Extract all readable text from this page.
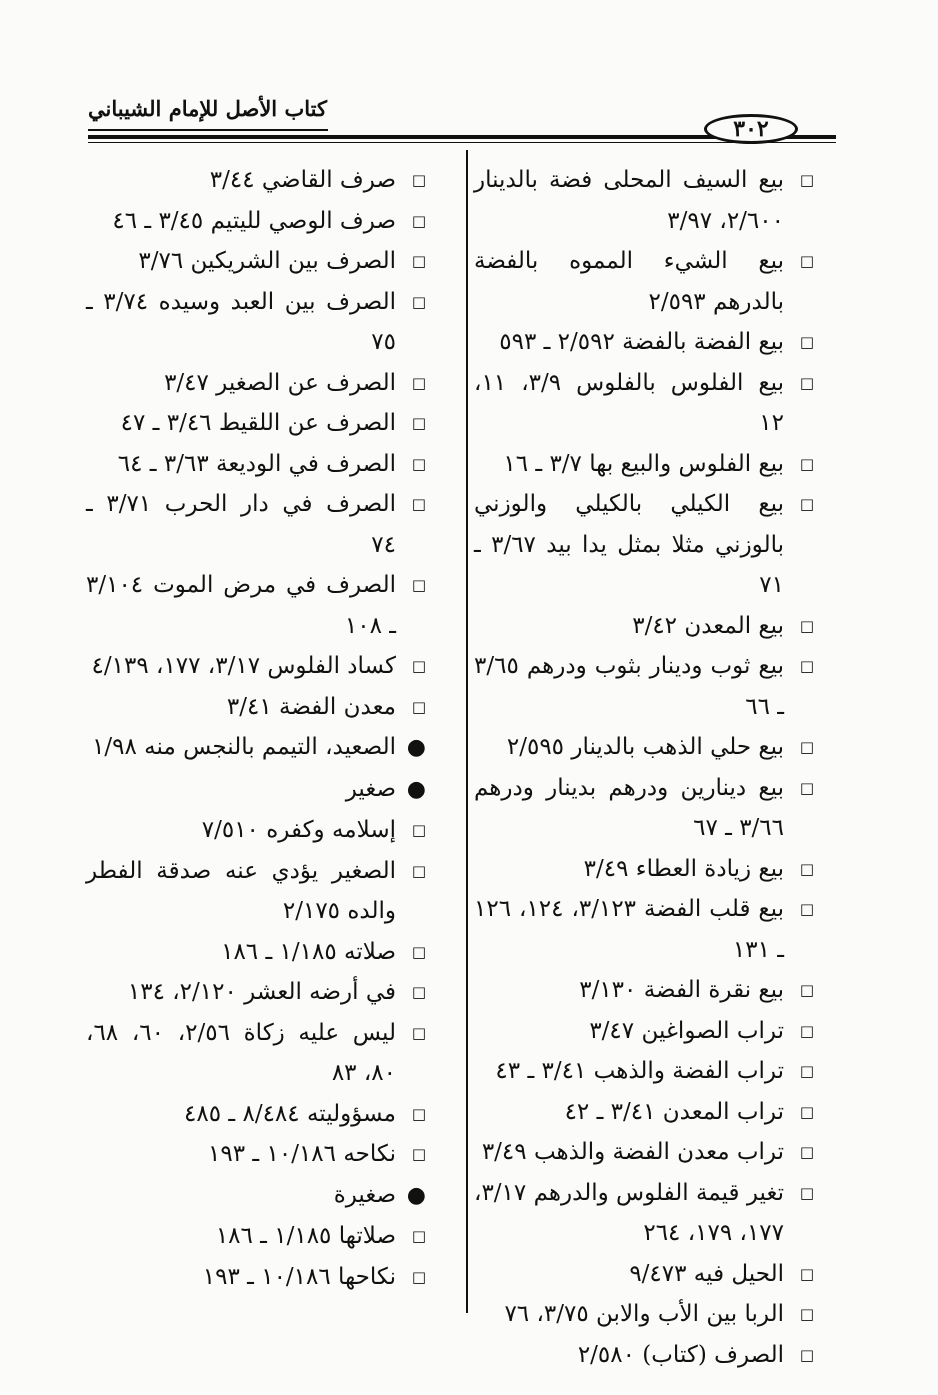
كتاب الأصل للإمام الشيباني
٣٠٢
□بيع السيف المحلى فضة بالدينار ٢/٦٠٠، ٣/٩٧
□بيع الشيء المموه بالفضة بالدرهم ٢/٥٩٣
□بيع الفضة بالفضة ٢/٥٩٢ ـ ٥٩٣
□بيع الفلوس بالفلوس ٣/٩، ١١، ١٢
□بيع الفلوس والبيع بها ٣/٧ ـ ١٦
□بيع الكيلي بالكيلي والوزني بالوزني مثلا بمثل يدا بيد ٣/٦٧ ـ ٧١
□بيع المعدن ٣/٤٢
□بيع ثوب ودينار بثوب ودرهم ٣/٦٥ ـ ٦٦
□بيع حلي الذهب بالدينار ٢/٥٩٥
□بيع دينارين ودرهم بدينار ودرهم ٣/٦٦ ـ ٦٧
□بيع زيادة العطاء ٣/٤٩
□بيع قلب الفضة ٣/١٢٣، ١٢٤، ١٢٦ ـ ١٣١
□بيع نقرة الفضة ٣/١٣٠
□تراب الصواغين ٣/٤٧
□تراب الفضة والذهب ٣/٤١ ـ ٤٣
□تراب المعدن ٣/٤١ ـ ٤٢
□تراب معدن الفضة والذهب ٣/٤٩
□تغير قيمة الفلوس والدرهم ٣/١٧، ١٧٧، ١٧٩، ٢٦٤
□الحيل فيه ٩/٤٧٣
□الربا بين الأب والابن ٣/٧٥، ٧٦
□الصرف (كتاب) ٢/٥٨٠
□صرف القاضي ٣/٤٤
□صرف الوصي لليتيم ٣/٤٥ ـ ٤٦
□الصرف بين الشريكين ٣/٧٦
□الصرف بين العبد وسيده ٣/٧٤ ـ ٧٥
□الصرف عن الصغير ٣/٤٧
□الصرف عن اللقيط ٣/٤٦ ـ ٤٧
□الصرف في الوديعة ٣/٦٣ ـ ٦٤
□الصرف في دار الحرب ٣/٧١ ـ ٧٤
□الصرف في مرض الموت ٣/١٠٤ ـ ١٠٨
□كساد الفلوس ٣/١٧، ١٧٧، ٤/١٣٩
□معدن الفضة ٣/٤١
●الصعيد، التيمم بالنجس منه ١/٩٨
●صغير
□إسلامه وكفره ٧/٥١٠
□الصغير يؤدي عنه صدقة الفطر والده ٢/١٧٥
□صلاته ١/١٨٥ ـ ١٨٦
□في أرضه العشر ٢/١٢٠، ١٣٤
□ليس عليه زكاة ٢/٥٦، ٦٠، ٦٨، ٨٠، ٨٣
□مسؤوليته ٨/٤٨٤ ـ ٤٨٥
□نكاحه ١٠/١٨٦ ـ ١٩٣
●صغيرة
□صلاتها ١/١٨٥ ـ ١٨٦
□نكاحها ١٠/١٨٦ ـ ١٩٣
